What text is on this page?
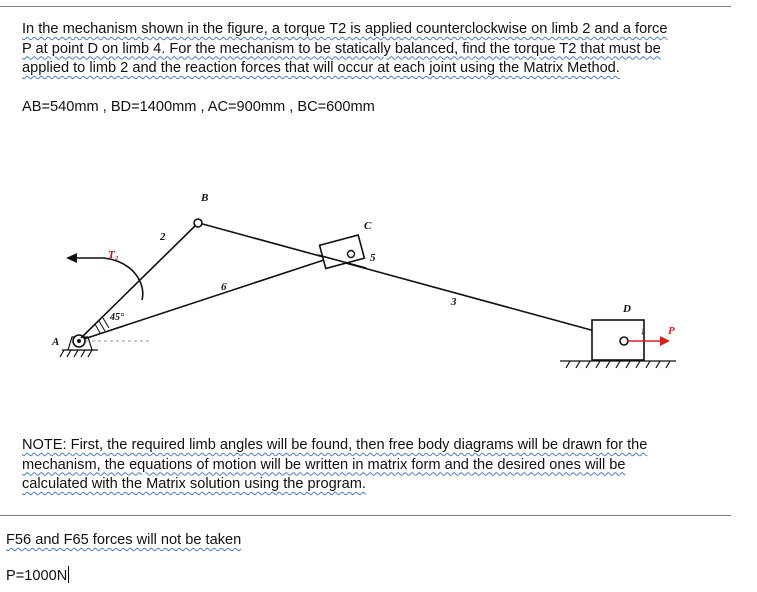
In the mechanism shown in the figure, a torque T2 is applied counterclockwise on limb 2 and a force
P at point D on limb 4. For the mechanism to be statically balanced, find the torque T2 that must be
applied to limb 2 and the reaction forces that will occur at each joint using the Matrix Method.
AB=540mm , BD=1400mm , AC=900mm , BC=600mm
A
B
C
D
P
T₂
2
3
5
6
45°
↓
NOTE: First, the required limb angles will be found, then free body diagrams will be drawn for the
mechanism, the equations of motion will be written in matrix form and the desired ones will be
calculated with the Matrix solution using the program.
F56 and F65 forces will not be taken
P=1000N
